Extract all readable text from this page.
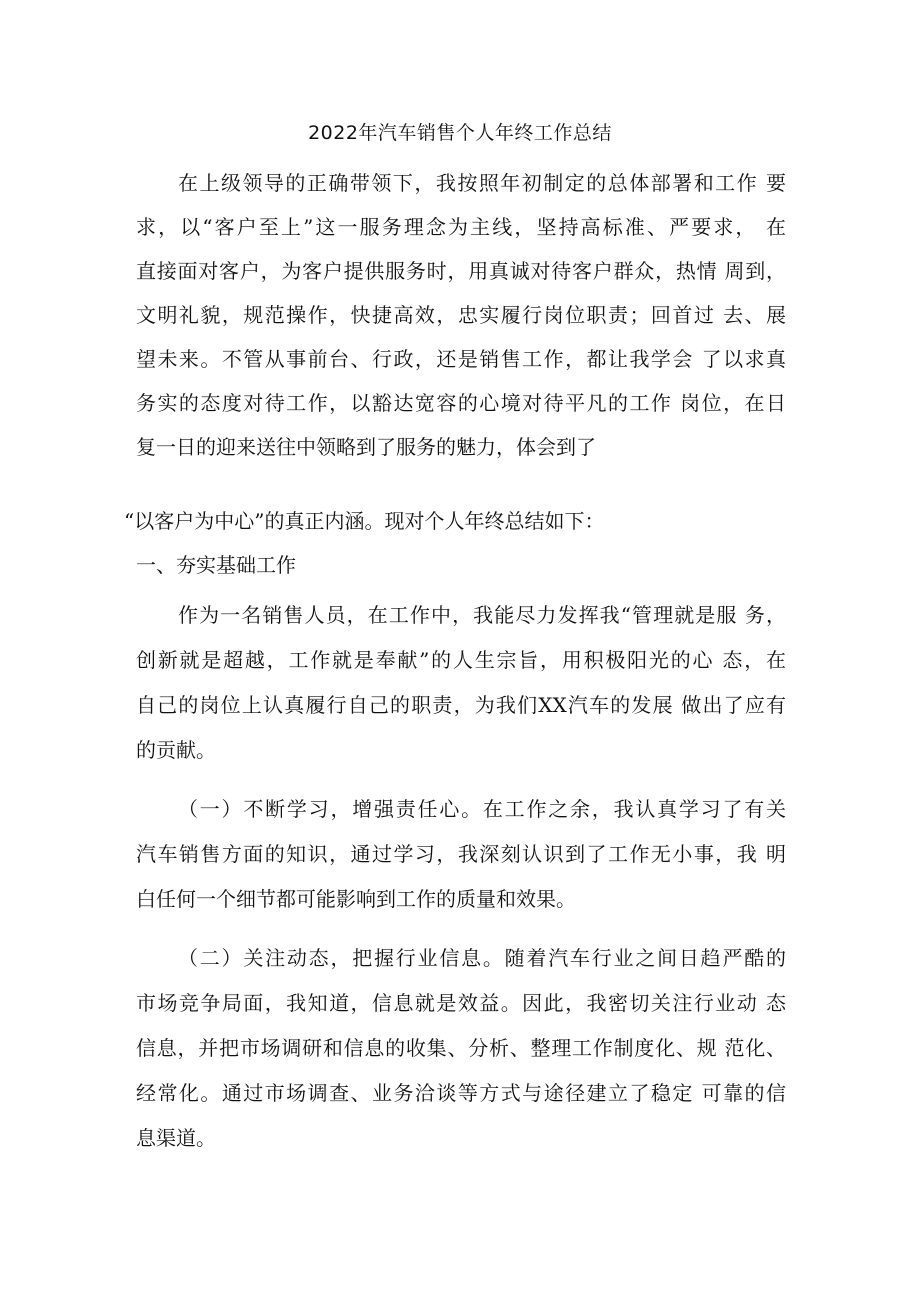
2022年汽车销售个人年终工作总结
在上级领导的正确带领下，我按照年初制定的总体部署和工作 要
求，以“客户至上”这一服务理念为主线，坚持高标准、严要求， 在
直接面对客户，为客户提供服务时，用真诚对待客户群众，热情 周到，
文明礼貌，规范操作，快捷高效，忠实履行岗位职责；回首过 去、展
望未来。不管从事前台、行政，还是销售工作，都让我学会 了以求真
务实的态度对待工作，以豁达宽容的心境对待平凡的工作 岗位，在日
复一日的迎来送往中领略到了服务的魅力，体会到了
“以客户为中心”的真正内涵。现对个人年终总结如下：
一、夯实基础工作
作为一名销售人员，在工作中，我能尽力发挥我“管理就是服 务，
创新就是超越，工作就是奉献”的人生宗旨，用积极阳光的心 态，在
自己的岗位上认真履行自己的职责，为我们XX汽车的发展 做出了应有
的贡献。
（一）不断学习，增强责任心。在工作之余，我认真学习了有关
汽车销售方面的知识，通过学习，我深刻认识到了工作无小事，我 明
白任何一个细节都可能影响到工作的质量和效果。
（二）关注动态，把握行业信息。随着汽车行业之间日趋严酷的
市场竞争局面，我知道，信息就是效益。因此，我密切关注行业动 态
信息，并把市场调研和信息的收集、分析、整理工作制度化、规 范化、
经常化。通过市场调查、业务洽谈等方式与途径建立了稳定 可靠的信
息渠道。
